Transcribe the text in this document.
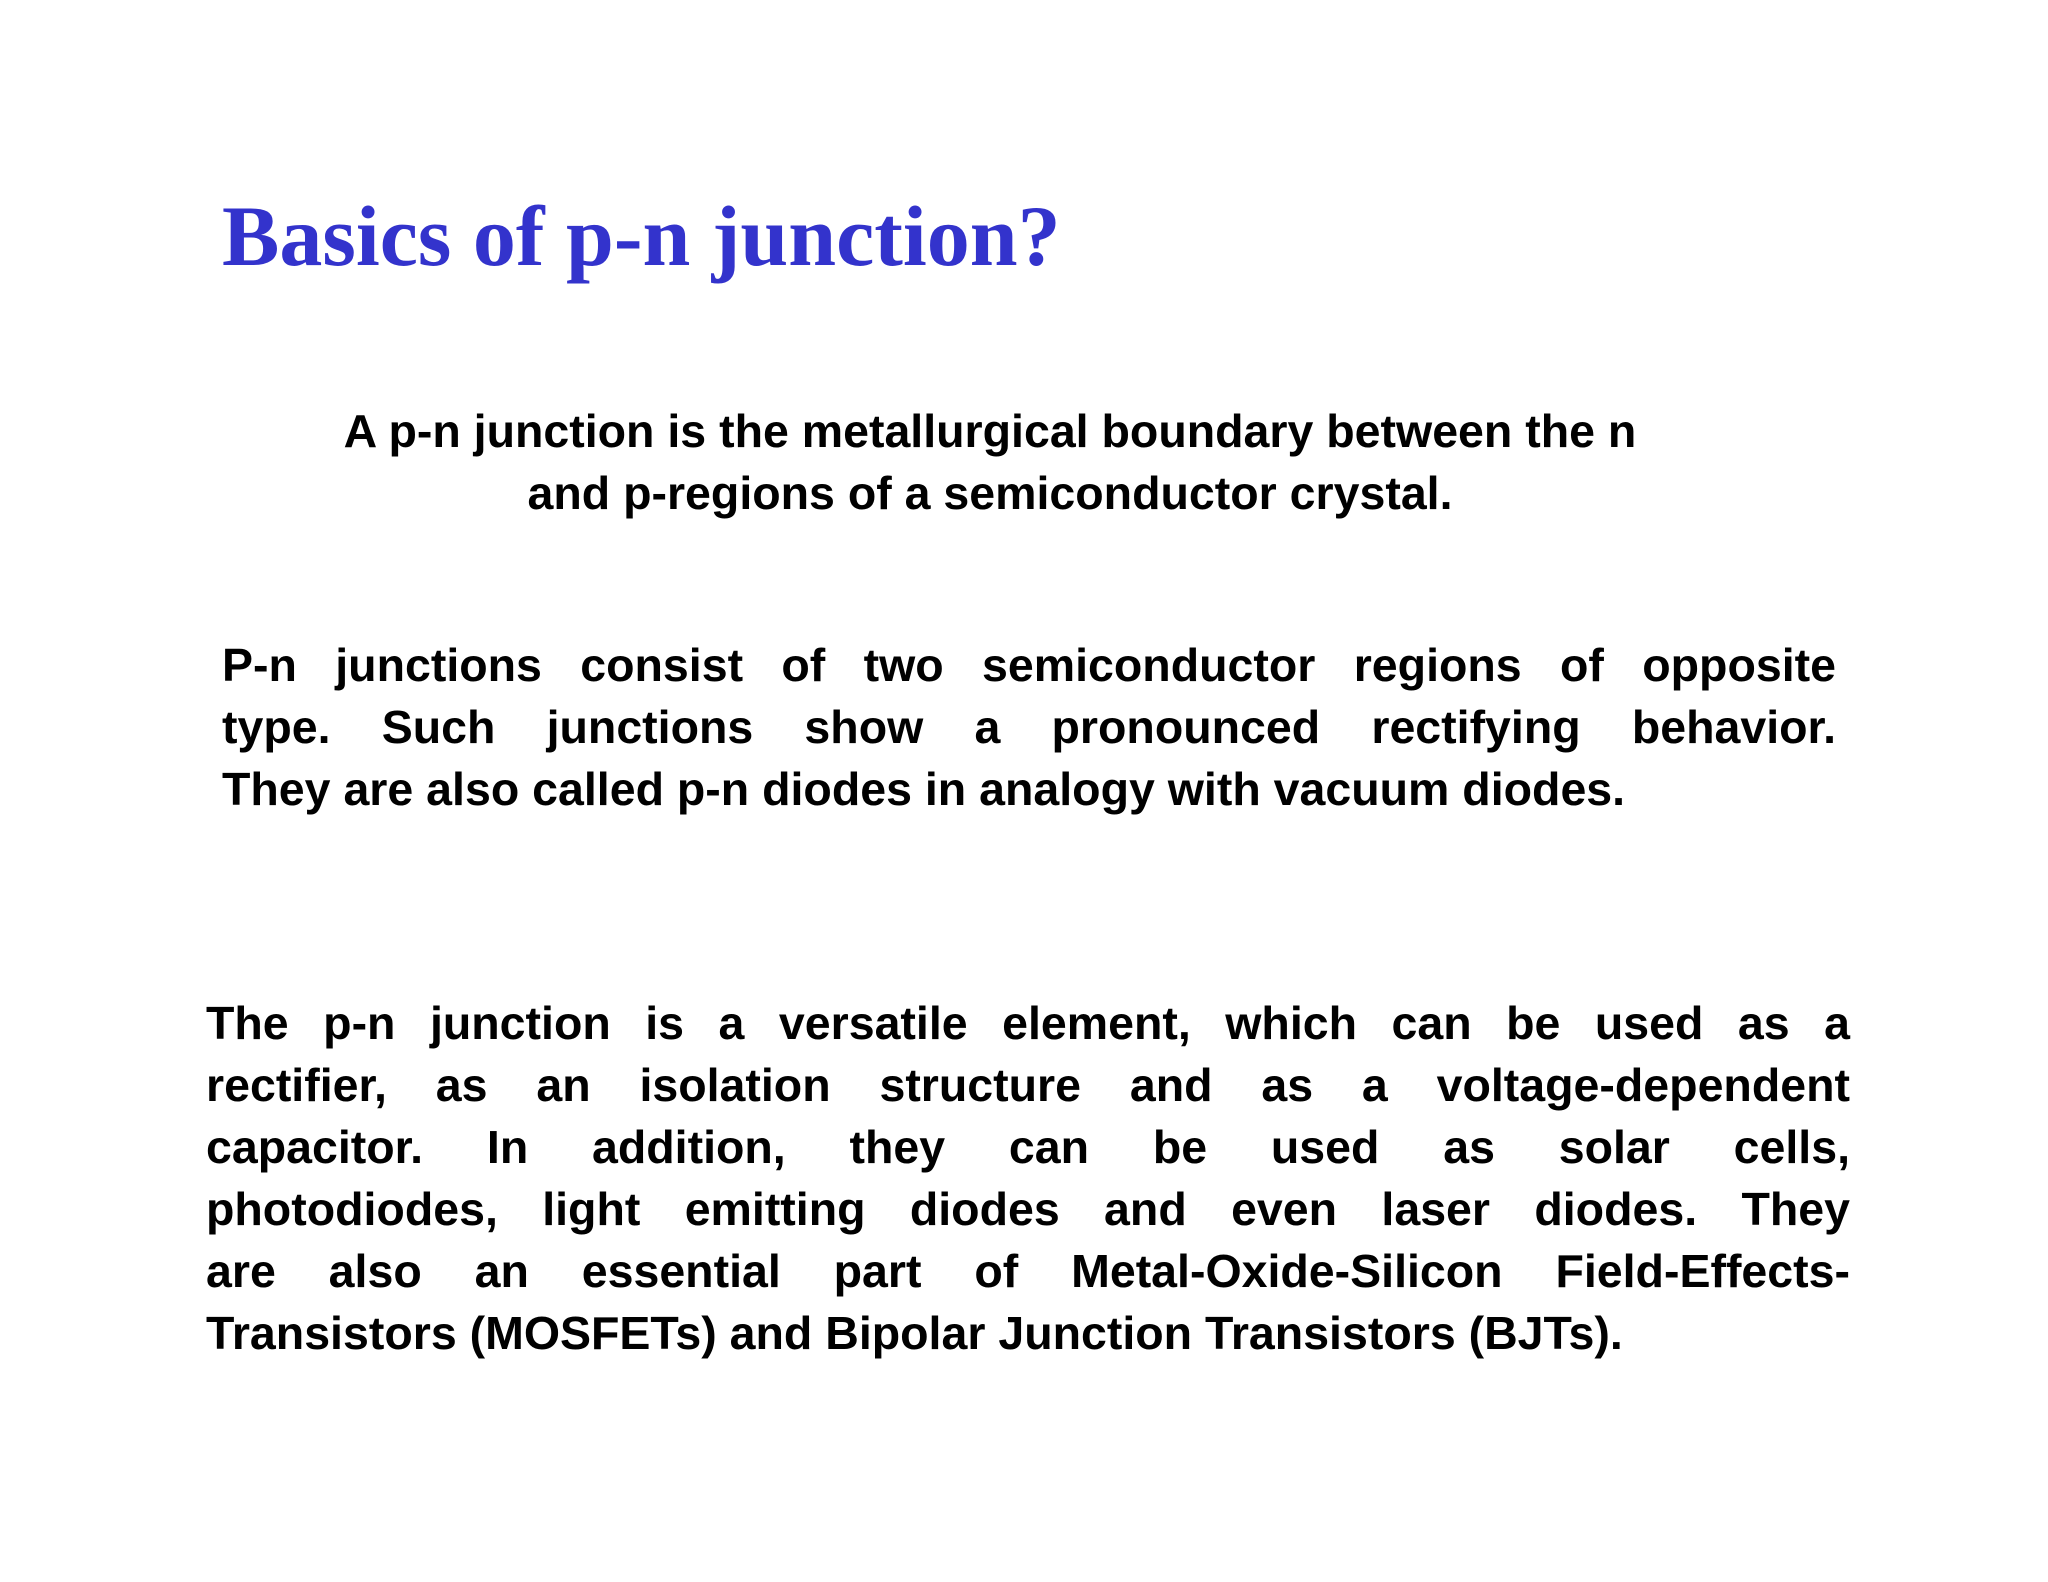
Basics of p-n junction?

A p-n junction is the metallurgical boundary between the n
and p-regions of a semiconductor crystal.

P-n junctions consist of two semiconductor regions of opposite
type. Such junctions show a pronounced rectifying behavior.
They are also called p-n diodes in analogy with vacuum diodes.

The p-n junction is a versatile element, which can be used as a
rectifier, as an isolation structure and as a voltage-dependent
capacitor. In addition, they can be used as solar cells,
photodiodes, light emitting diodes and even laser diodes. They
are also an essential part of Metal-Oxide-Silicon Field-Effects-
Transistors (MOSFETs) and Bipolar Junction Transistors (BJTs).
